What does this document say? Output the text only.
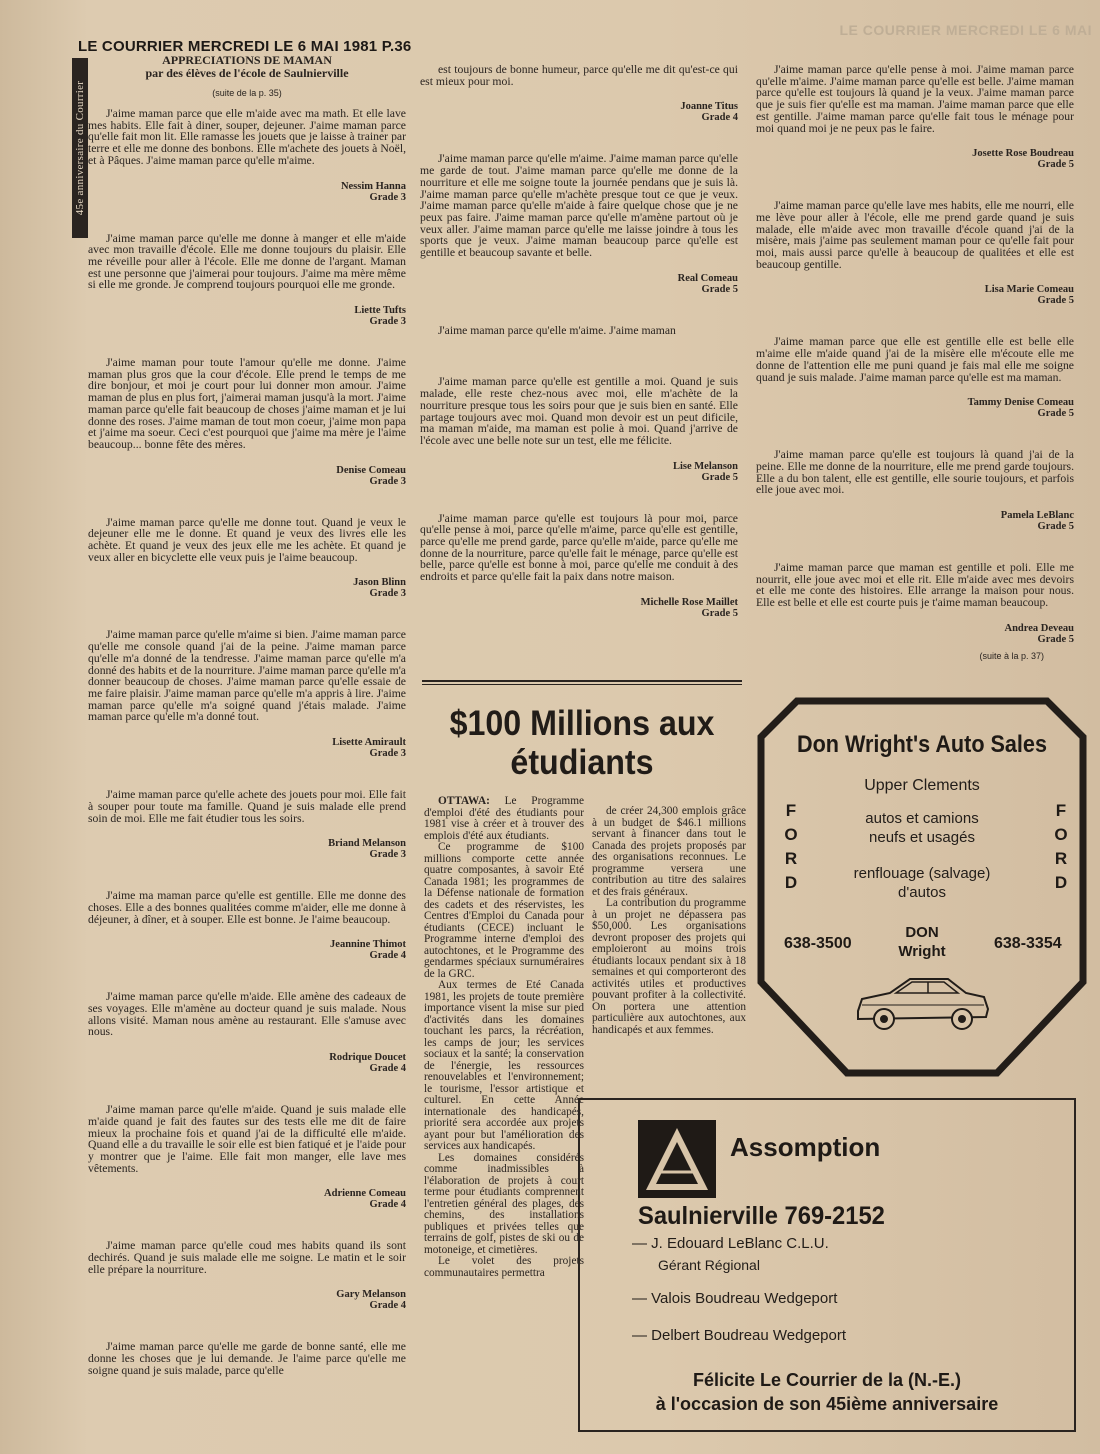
LE COURRIER MERCREDI LE 6 MAI
LE COURRIER MERCREDI LE 6 MAI 1981 P.36
45e anniversaire du Courrier
APPRECIATIONS DE MAMAN
par des élèves de l'école de Saulnierville
(suite de la p. 35)

J'aime maman parce que elle m'aide avec ma math. Et elle lave mes habits. Elle fait à diner, souper, dejeuner. J'aime maman parce qu'elle fait mon lit. Elle ramasse les jouets que je laisse à trainer par terre et elle me donne des bonbons. Elle m'achete des jouets à Noël, et à Pâques. J'aime maman parce qu'elle m'aime.

Nessim Hanna
Grade 3

J'aime maman parce qu'elle me donne à manger et elle m'aide avec mon travaille d'école. Elle me donne toujours du plaisir. Elle me réveille pour aller à l'école. Elle me donne de l'argant. Maman est une personne que j'aimerai pour toujours. J'aime ma mère même si elle me gronde. Je comprend toujours pourquoi elle me gronde.

Liette Tufts
Grade 3

J'aime maman pour toute l'amour qu'elle me donne. J'aime maman plus gros que la cour d'école. Elle prend le temps de me dire bonjour, et moi je court pour lui donner mon amour. J'aime maman de plus en plus fort, j'aimerai maman jusqu'à la mort. J'aime maman parce qu'elle fait beaucoup de choses j'aime maman et je lui donne des roses. J'aime maman de tout mon coeur, j'aime mon papa et j'aime ma soeur. Ceci c'est pourquoi que j'aime ma mère je l'aime beaucoup... bonne fête des mères.

Denise Comeau
Grade 3

J'aime maman parce qu'elle me donne tout. Quand je veux le dejeuner elle me le donne. Et quand je veux des livres elle les achète. Et quand je veux des jeux elle me les achète. Et quand je veux aller en bicyclette elle veux puis je l'aime beaucoup.

Jason Blinn
Grade 3

J'aime maman parce qu'elle m'aime si bien. J'aime maman parce qu'elle me console quand j'ai de la peine. J'aime maman parce qu'elle m'a donné de la tendresse. J'aime maman parce qu'elle m'a donné des habits et de la nourriture. J'aime maman parce qu'elle m'a donner beaucoup de choses. J'aime maman parce qu'elle essaie de me faire plaisir. J'aime maman parce qu'elle m'a appris à lire. J'aime maman parce qu'elle m'a soigné quand j'étais malade. J'aime maman parce qu'elle m'a donné tout.

Lisette Amirault
Grade 3

J'aime maman parce qu'elle achete des jouets pour moi. Elle fait à souper pour toute ma famille. Quand je suis malade elle prend soin de moi. Elle me fait étudier tous les soirs.

Briand Melanson
Grade 3

J'aime ma maman parce qu'elle est gentille. Elle me donne des choses. Elle a des bonnes qualitées comme m'aider, elle me donne à déjeuner, à dîner, et à souper. Elle est bonne. Je l'aime beaucoup.

Jeannine Thimot
Grade 4

J'aime maman parce qu'elle m'aide. Elle amène des cadeaux de ses voyages. Elle m'amène au docteur quand je suis malade. Nous allons visité. Maman nous amène au restaurant. Elle s'amuse avec nous.

Rodrique Doucet
Grade 4

J'aime maman parce qu'elle m'aide. Quand je suis malade elle m'aide quand je fait des fautes sur des tests elle me dit de faire mieux la prochaine fois et quand j'ai de la difficulté elle m'aide. Quand elle a du travaille le soir elle est bien fatiqué et je l'aide pour y montrer que je l'aime. Elle fait mon manger, elle lave mes vêtements.

Adrienne Comeau
Grade 4

J'aime maman parce qu'elle coud mes habits quand ils sont dechirés. Quand je suis malade elle me soigne. Le matin et le soir elle prépare la nourriture.

Gary Melanson
Grade 4

J'aime maman parce qu'elle me garde de bonne santé, elle me donne les choses que je lui demande. Je l'aime parce qu'elle me soigne quand je suis malade, parce qu'elle

est toujours de bonne humeur, parce qu'elle me dit qu'est-ce qui est mieux pour moi.

Joanne Titus
Grade 4

J'aime maman parce qu'elle m'aime. J'aime maman parce qu'elle me garde de tout. J'aime maman parce qu'elle me donne de la nourriture et elle me soigne toute la journée pendans que je suis là. J'aime maman parce qu'elle m'achète presque tout ce que je veux. J'aime maman parce qu'elle m'aide à faire quelque chose que je ne peux pas faire. J'aime maman parce qu'elle m'amène partout où je veux aller. J'aime maman parce qu'elle me laisse joindre à tous les sports que je veux. J'aime maman beaucoup parce qu'elle est gentille et beaucoup savante et belle.

Real Comeau
Grade 5

J'aime maman parce qu'elle m'aime. J'aime maman

J'aime maman parce qu'elle est gentille a moi. Quand je suis malade, elle reste chez-nous avec moi, elle m'achète de la nourriture presque tous les soirs pour que je suis bien en santé. Elle partage toujours avec moi. Quand mon devoir est un peut dificile, ma maman m'aide, ma maman est polie à moi. Quand j'arrive de l'école avec une belle note sur un test, elle me félicite.

Lise Melanson
Grade 5

J'aime maman parce qu'elle est toujours là pour moi, parce qu'elle pense à moi, parce qu'elle m'aime, parce qu'elle est gentille, parce qu'elle me prend garde, parce qu'elle m'aide, parce qu'elle me donne de la nourriture, parce qu'elle fait le ménage, parce qu'elle est belle, parce qu'elle est bonne à moi, parce qu'elle me conduit à des endroits et parce qu'elle fait la paix dans notre maison.

Michelle Rose Maillet
Grade 5

J'aime maman parce qu'elle pense à moi. J'aime maman parce qu'elle m'aime. J'aime maman parce qu'elle est belle. J'aime maman parce qu'elle est toujours là quand je la veux. J'aime maman parce que je suis fier qu'elle est ma maman. J'aime maman parce que elle est gentille. J'aime maman parce qu'elle fait tous le ménage pour moi quand moi je ne peux pas le faire.

Josette Rose Boudreau
Grade 5

J'aime maman parce qu'elle lave mes habits, elle me nourri, elle me lève pour aller à l'école, elle me prend garde quand je suis malade, elle m'aide avec mon travaille d'école quand j'ai de la misère, mais j'aime pas seulement maman pour ce qu'elle fait pour moi, mais aussi parce qu'elle à beaucoup de qualitées et elle est beaucoup gentille.

Lisa Marie Comeau
Grade 5

J'aime maman parce que elle est gentille elle est belle elle m'aime elle m'aide quand j'ai de la misère elle m'écoute elle me donne de l'attention elle me puni quand je fais mal elle me soigne quand je suis malade. J'aime maman parce qu'elle est ma maman.

Tammy Denise Comeau
Grade 5

J'aime maman parce qu'elle est toujours là quand j'ai de la peine. Elle me donne de la nourriture, elle me prend garde toujours. Elle a du bon talent, elle est gentille, elle sourie toujours, et parfois elle joue avec moi.

Pamela LeBlanc
Grade 5

J'aime maman parce que maman est gentille et poli. Elle me nourrit, elle joue avec moi et elle rit. Elle m'aide avec mes devoirs et elle me conte des histoires. Elle arrange la maison pour nous. Elle est belle et elle est courte puis je t'aime maman beaucoup.

Andrea Deveau
Grade 5
(suite à la p. 37)
$100 Millions aux étudiants

OTTAWA: Le Programme d'emploi d'été des étudiants pour 1981 vise à créer et à trouver des emplois d'été aux étudiants.

Ce programme de $100 millions comporte cette année quatre composantes, à savoir Eté Canada 1981; les programmes de la Défense nationale de formation des cadets et des réservistes, les Centres d'Emploi du Canada pour étudiants (CECE) incluant le Programme interne d'emploi des autochtones, et le Programme des gendarmes spéciaux surnuméraires de la GRC.

Aux termes de Eté Canada 1981, les projets de toute première importance visent la mise sur pied d'activités dans les domaines touchant les parcs, la récréation, les camps de jour; les services sociaux et la santé; la conservation de l'énergie, les ressources renouvelables et l'environnement; le tourisme, l'essor artistique et culturel. En cette Année internationale des handicapés, priorité sera accordée aux projets ayant pour but l'amélioration des services aux handicapés.

Les domaines considérés comme inadmissibles à l'élaboration de projets à court terme pour étudiants comprennent l'entretien général des plages, des chemins, des installations publiques et privées telles que terrains de golf, pistes de ski ou de motoneige, et cimetières.

Le volet des projets communautaires permettra

de créer 24,300 emplois grâce à un budget de $46.1 millions servant à financer dans tout le Canada des projets proposés par des organisations reconnues. Le programme versera une contribution au titre des salaires et des frais généraux.

La contribution du programme à un projet ne dépassera pas $50,000. Les organisations devront proposer des projets qui emploieront au moins trois étudiants locaux pendant six à 18 semaines et qui comporteront des activités utiles et productives pouvant profiter à la collectivité. On portera une attention particulière aux autochtones, aux handicapés et aux femmes.

Don Wright's Auto Sales
Upper Clements
autos et camions
neufs et usagés
renflouage (salvage)
d'autos
F
O
R
D
F
O
R
D
638-3500	638-3354
DON
Wright
Assomption
Saulnierville 769-2152
— J. Edouard LeBlanc C.L.U.
Gérant Régional
— Valois Boudreau Wedgeport
— Delbert Boudreau Wedgeport
Félicite Le Courrier de la (N.-E.)
à l'occasion de son 45ième anniversaire
